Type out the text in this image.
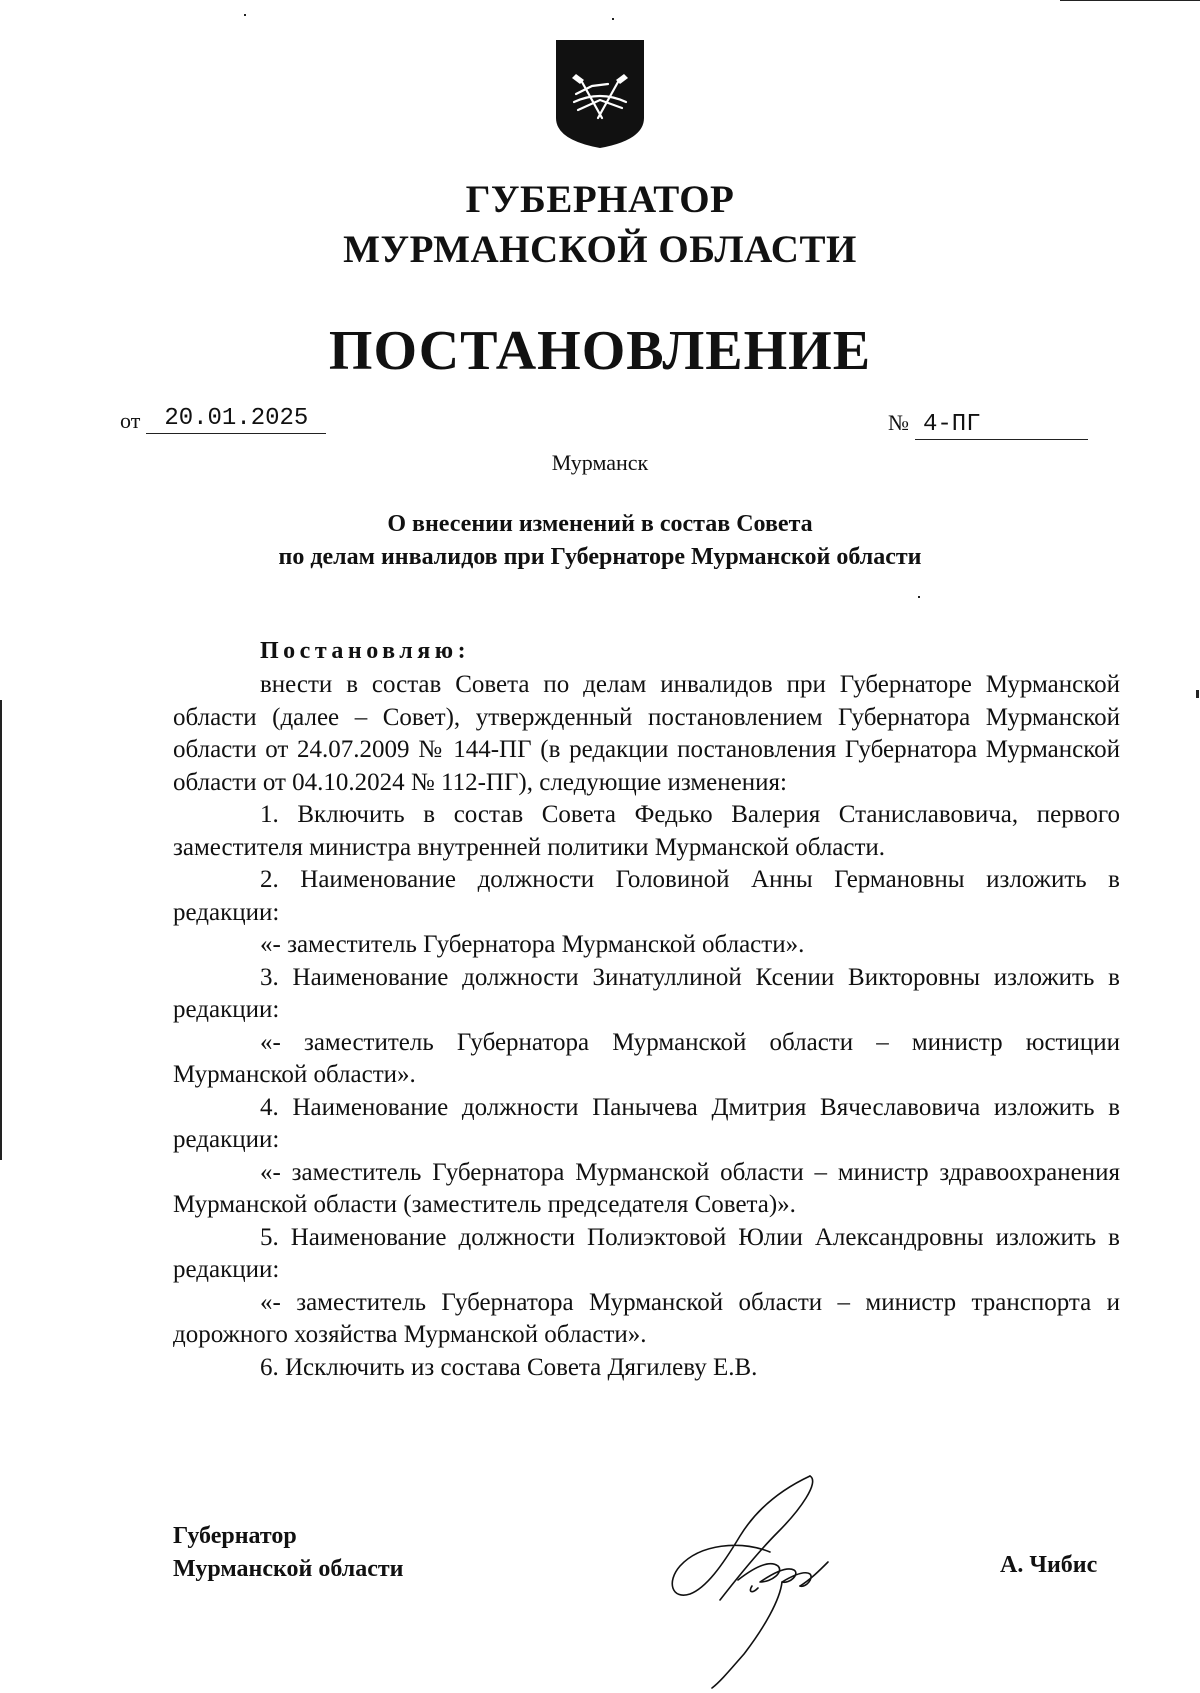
ГУБЕРНАТОР
МУРМАНСКОЙ ОБЛАСТИ
ПОСТАНОВЛЕНИЕ
от 20.01.2025	№ 4-ПГ
Мурманск
О внесении изменений в состав Совета
по делам инвалидов при Губернаторе Мурманской области
Постановляю:

внести в состав Совета по делам инвалидов при Губернаторе Мурманской области (далее – Совет), утвержденный постановлением Губернатора Мурманской области от 24.07.2009 № 144-ПГ (в редакции постановления Губернатора Мурманской области от 04.10.2024 № 112-ПГ), следующие изменения:

1. Включить в состав Совета Федько Валерия Станиславовича, первого заместителя министра внутренней политики Мурманской области.

2. Наименование должности Головиной Анны Германовны изложить в редакции:

«- заместитель Губернатора Мурманской области».

3. Наименование должности Зинатуллиной Ксении Викторовны изложить в редакции:

«- заместитель Губернатора Мурманской области – министр юстиции Мурманской области».

4. Наименование должности Панычева Дмитрия Вячеславовича изложить в редакции:

«- заместитель Губернатора Мурманской области – министр здравоохранения Мурманской области (заместитель председателя Совета)».

5. Наименование должности Полиэктовой Юлии Александровны изложить в редакции:

«- заместитель Губернатора Мурманской области – министр транспорта и дорожного хозяйства Мурманской области».

6. Исключить из состава Совета Дягилеву Е.В.

Губернатор
Мурманской области	А. Чибис
